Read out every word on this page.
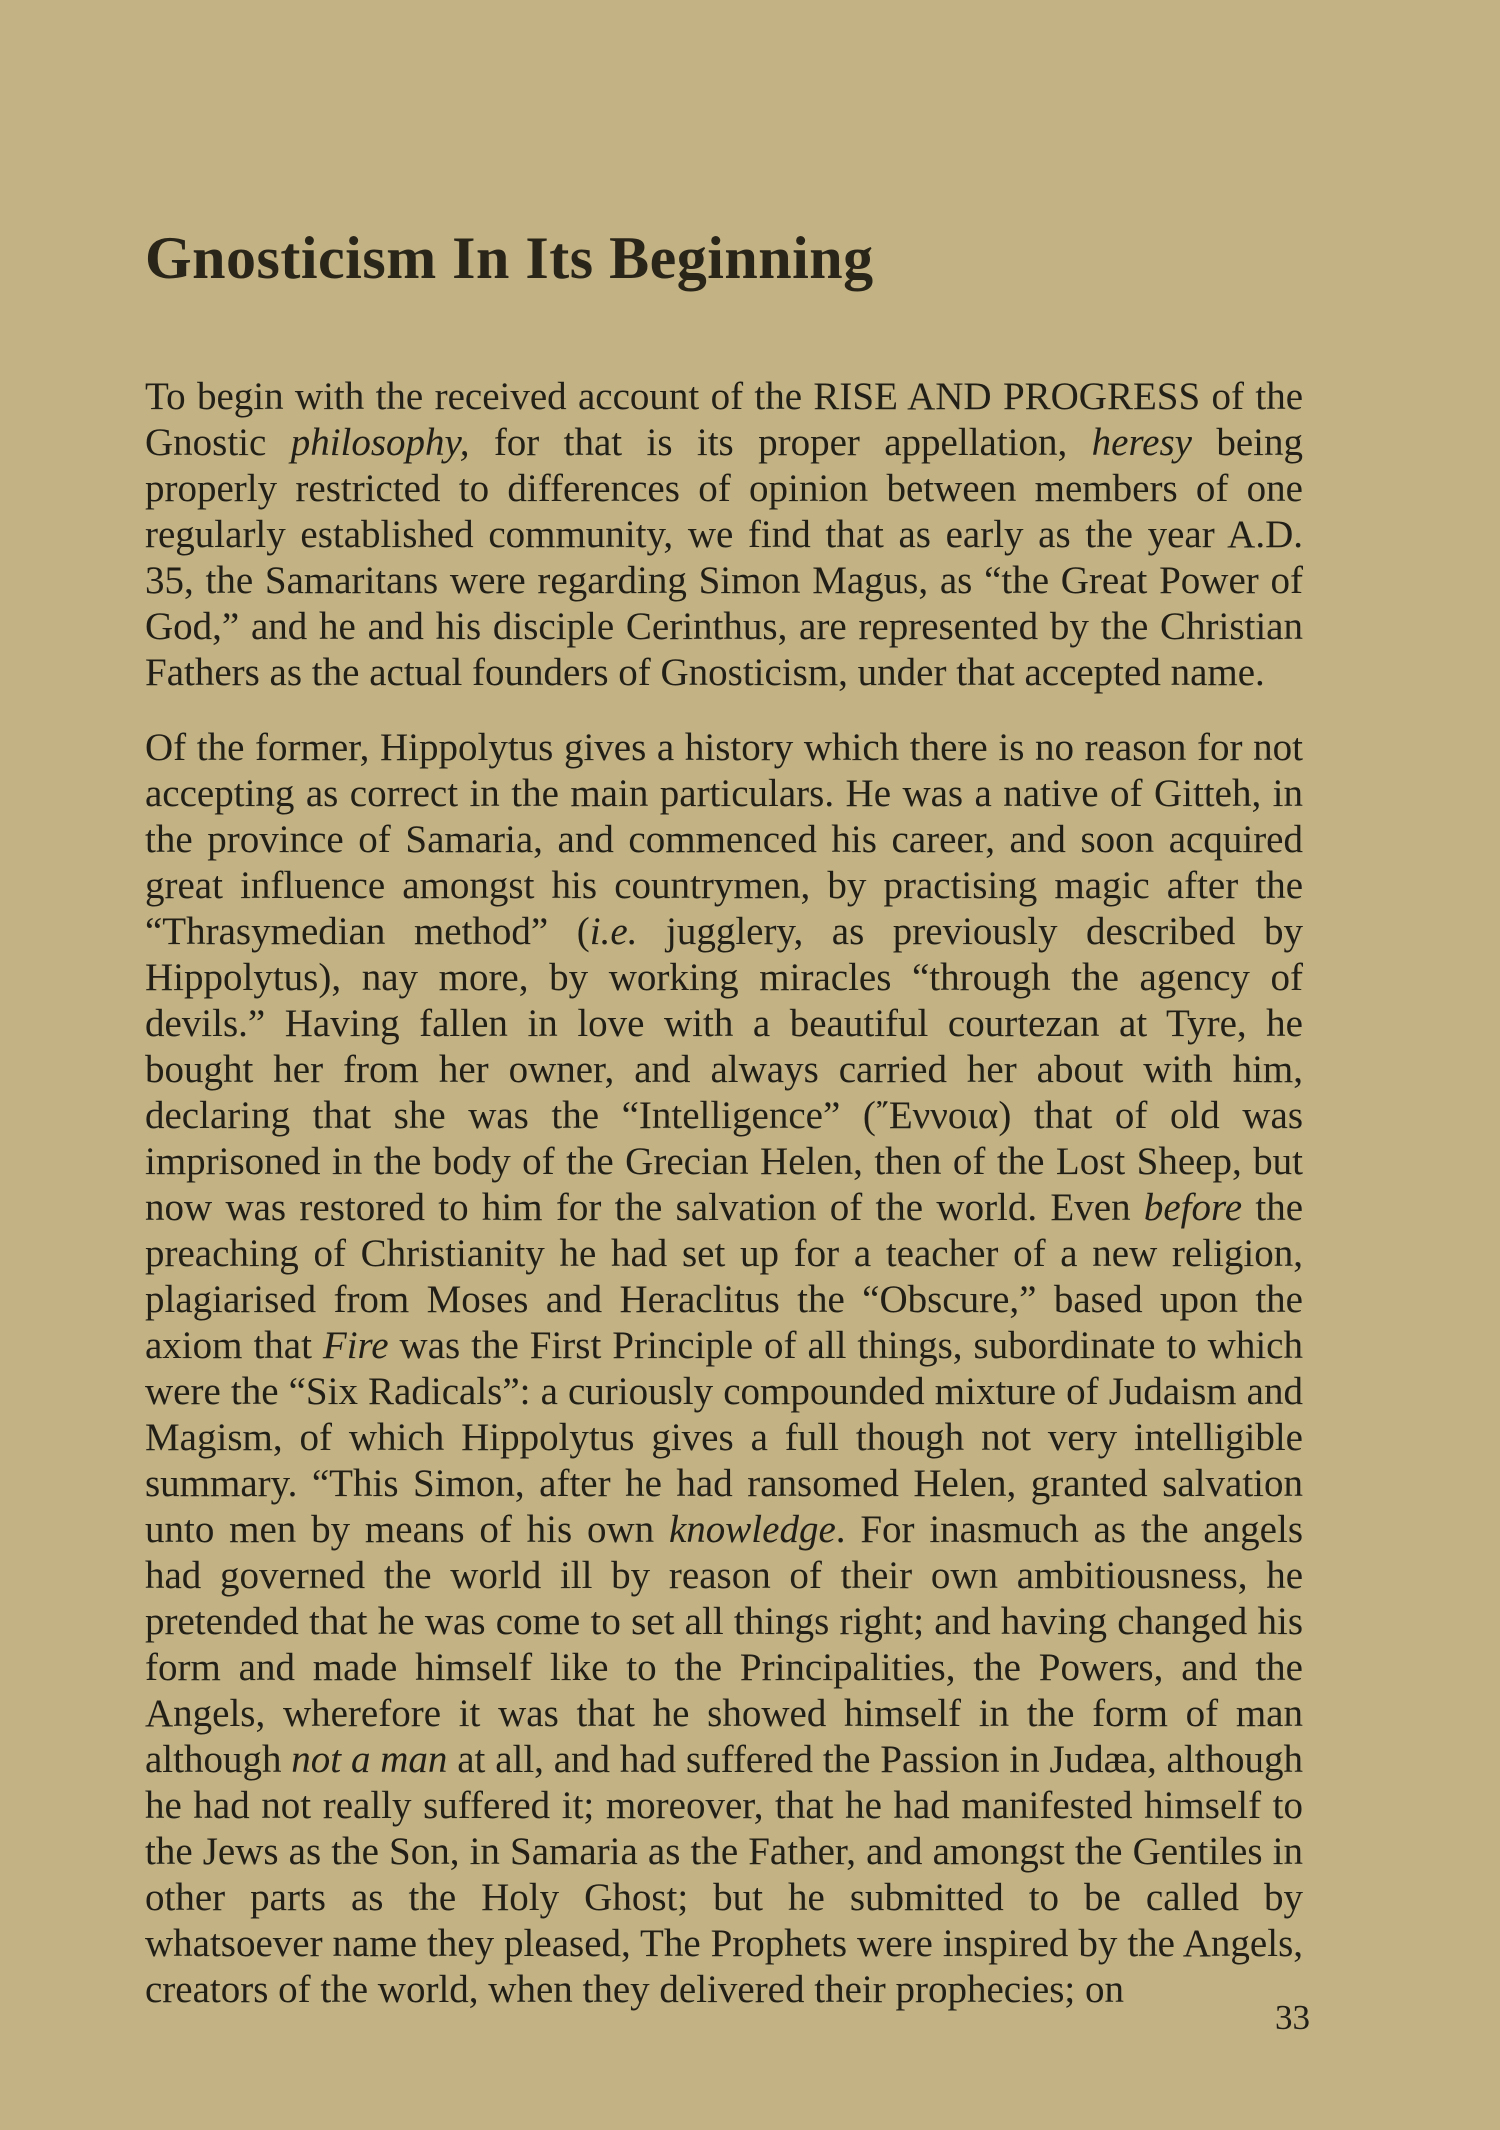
Gnosticism In Its Beginning

To begin with the received account of the RISE AND PROGRESS of the Gnostic philosophy, for that is its proper appellation, heresy being properly restricted to differences of opinion between members of one regularly established community, we find that as early as the year A.D. 35, the Samaritans were regarding Simon Magus, as “the Great Power of God,” and he and his disciple Cerinthus, are represented by the Christian Fathers as the actual founders of Gnosticism, under that accepted name.

Of the former, Hippolytus gives a history which there is no reason for not accepting as correct in the main particulars. He was a native of Gitteh, in the province of Samaria, and commenced his career, and soon acquired great influence amongst his countrymen, by practising magic after the “Thrasymedian method” (i.e. jugglery, as previously described by Hippolytus), nay more, by working miracles “through the agency of devils.” Having fallen in love with a beautiful courtezan at Tyre, he bought her from her owner, and always carried her about with him, declaring that she was the “Intelligence” (῎Εννοια) that of old was imprisoned in the body of the Grecian Helen, then of the Lost Sheep, but now was restored to him for the salvation of the world. Even before the preaching of Christianity he had set up for a teacher of a new religion, plagiarised from Moses and Heraclitus the “Obscure,” based upon the axiom that Fire was the First Principle of all things, subordinate to which were the “Six Radicals”: a curiously compounded mixture of Judaism and Magism, of which Hippolytus gives a full though not very intelligible summary. “This Simon, after he had ransomed Helen, granted salvation unto men by means of his own knowledge. For inasmuch as the angels had governed the world ill by reason of their own ambitiousness, he pretended that he was come to set all things right; and having changed his form and made himself like to the Principalities, the Powers, and the Angels, wherefore it was that he showed himself in the form of man although not a man at all, and had suffered the Passion in Judæa, although he had not really suffered it; moreover, that he had manifested himself to the Jews as the Son, in Samaria as the Father, and amongst the Gentiles in other parts as the Holy Ghost; but he submitted to be called by whatsoever name they pleased, The Prophets were inspired by the Angels, creators of the world, when they delivered their prophecies; on

33
